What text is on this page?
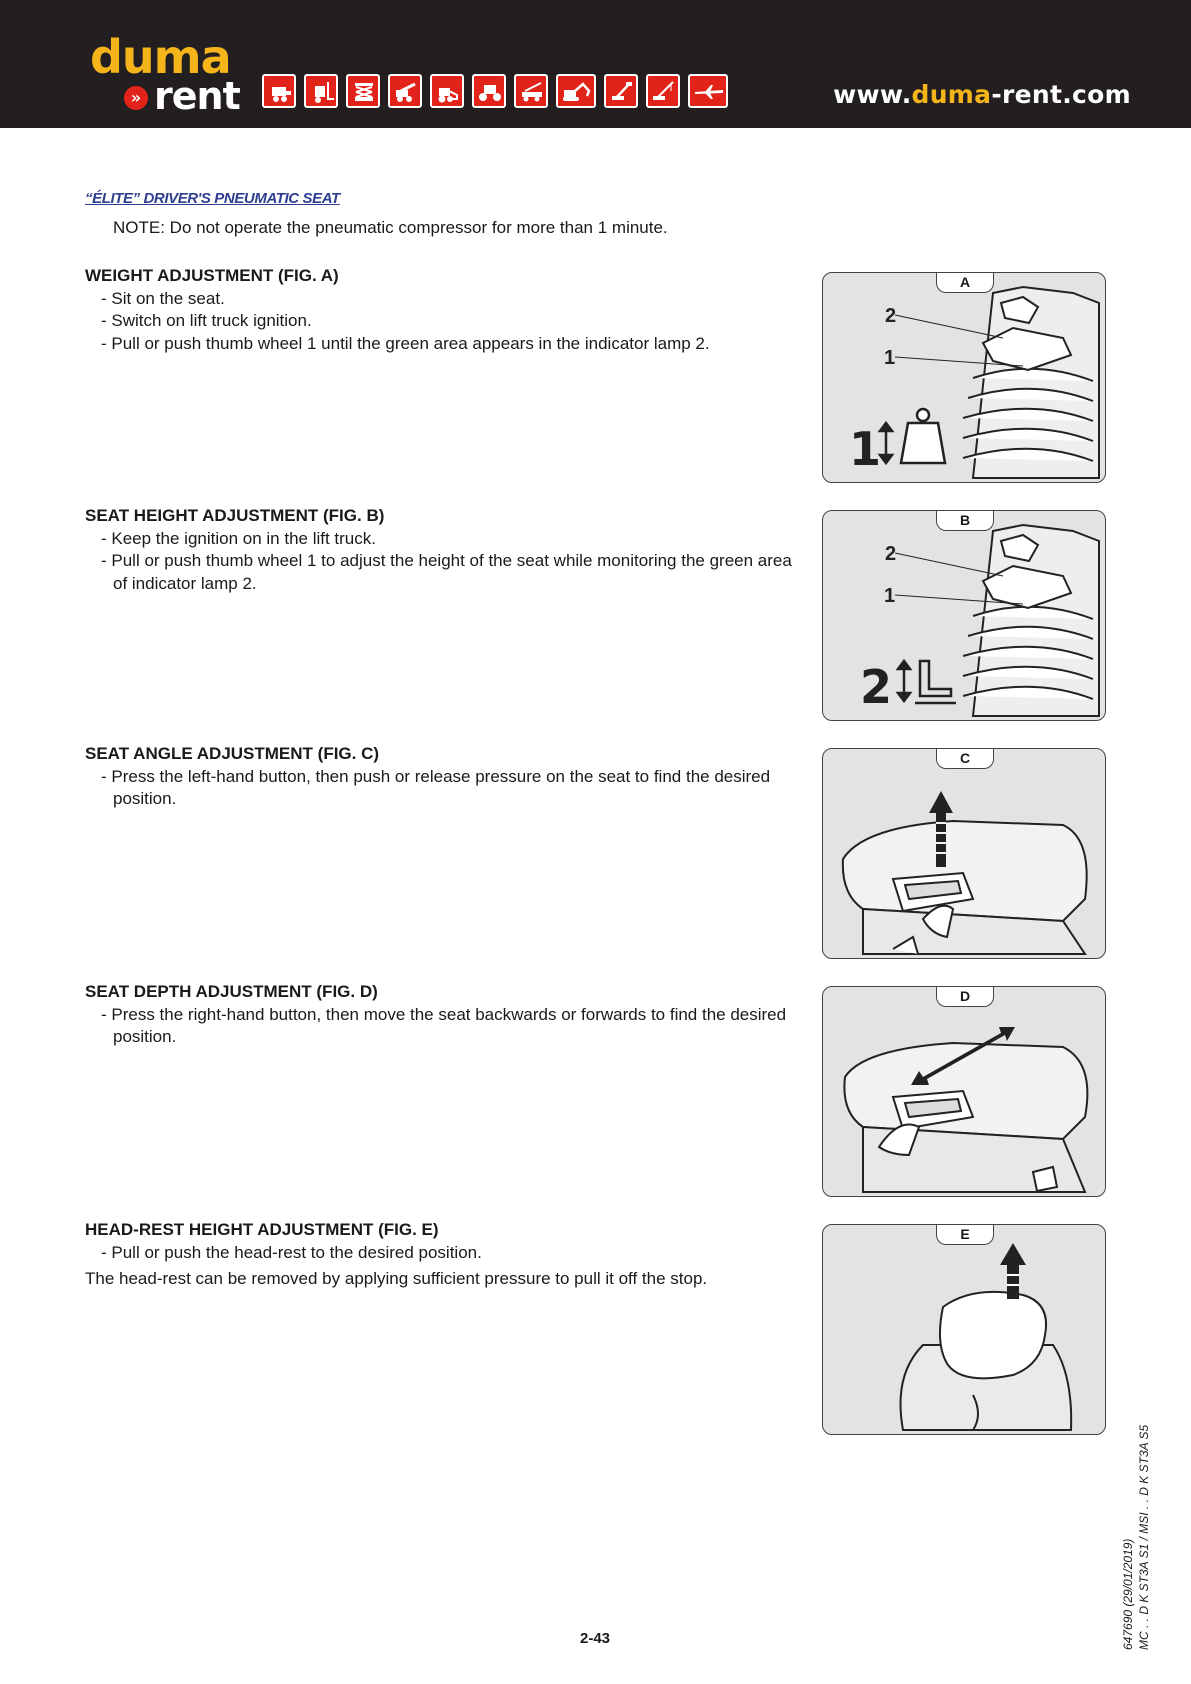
duma
» rent	www.duma-rent.com
“ÉLITE” DRIVER'S PNEUMATIC SEAT
NOTE: Do not operate the pneumatic compressor for more than 1 minute.
WEIGHT ADJUSTMENT (FIG. A)
- Sit on the seat.
- Switch on lift truck ignition.
- Pull or push thumb wheel 1 until the green area appears in the indicator lamp 2.
SEAT HEIGHT ADJUSTMENT (FIG. B)
- Keep the ignition on in the lift truck.
- Pull or push thumb wheel 1 to adjust the height of the seat while monitoring the green area of indicator lamp 2.
SEAT ANGLE ADJUSTMENT (FIG. C)
- Press the left-hand button, then push or release pressure on the seat to find the desired position.
SEAT DEPTH ADJUSTMENT (FIG. D)
- Press the right-hand button, then move the seat backwards or forwards to find the desired position.
HEAD-REST HEIGHT ADJUSTMENT (FIG. E)
- Pull or push the head-rest to the desired position.
The head-rest can be removed by applying sufficient pressure to pull it off the stop.
2
1
1
A
2
1
2
B
C
D
E
2-43	647690 (29/01/2019) MC . . D K ST3A S1 / MSI . . D K ST3A S5
